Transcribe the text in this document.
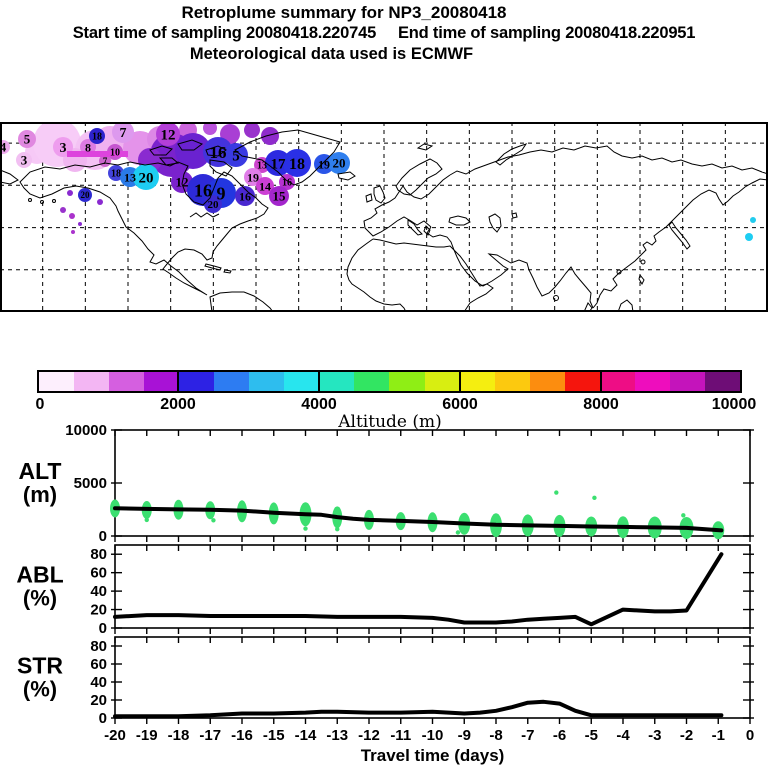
Retroplume summary for NP3_20080418
Start time of sampling 20080418.220745     End time of sampling 20080418.220951
Meteorological data used is ECMWF
4
5
3
3 8
18
10
7
7
12
16 5
18 13 20 12 16 9
20
16
13 17 18
19
14 16
15
19 20
20
0	2000	4000	6000	8000	10000
Altitude (m)
0
5000
10000
ALT
(m)
0
20
40
60
80
ABL
(%)
0
20
40
60
80
STR
(%)
-20 -19 -18 -17 -16 -15 -14 -13 -12 -11 -10 -9 -8 -7 -6 -5 -4 -3 -2 -1 0
Travel time (days)
